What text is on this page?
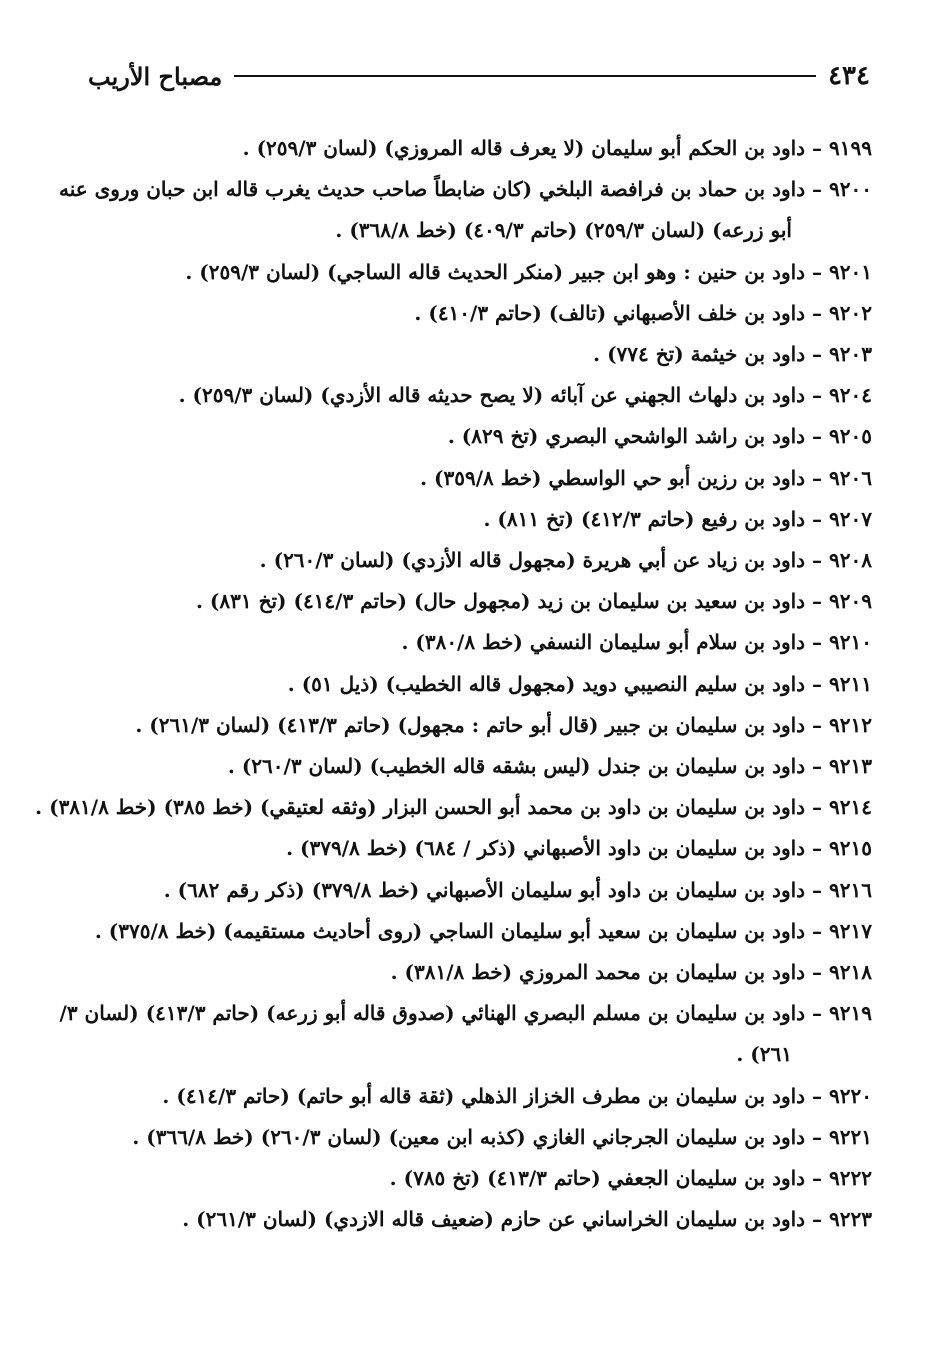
٤٣٤
مصباح الأريب
٩١٩٩ – داود بن الحكم أبو سليمان (لا يعرف قاله المروزي) (لسان ٢٥٩/٣) .
٩٢٠٠ – داود بن حماد بن فرافصة البلخي (كان ضابطاً صاحب حديث يغرب قاله ابن حبان وروى عنه
أبو زرعه) (لسان ٢٥٩/٣) (حاتم ٤٠٩/٣) (خط ٣٦٨/٨) .
٩٢٠١ – داود بن حنين : وهو ابن جبير (منكر الحديث قاله الساجي) (لسان ٢٥٩/٣) .
٩٢٠٢ – داود بن خلف الأصبهاني (تالف) (حاتم ٤١٠/٣) .
٩٢٠٣ – داود بن خيثمة (تخ ٧٧٤) .
٩٢٠٤ – داود بن دلهاث الجهني عن آبائه (لا يصح حديثه قاله الأزدي) (لسان ٢٥٩/٣) .
٩٢٠٥ – داود بن راشد الواشحي البصري (تخ ٨٢٩) .
٩٢٠٦ – داود بن رزين أبو حي الواسطي (خط ٣٥٩/٨) .
٩٢٠٧ – داود بن رفيع (حاتم ٤١٢/٣) (تخ ٨١١) .
٩٢٠٨ – داود بن زياد عن أبي هريرة (مجهول قاله الأزدي) (لسان ٢٦٠/٣) .
٩٢٠٩ – داود بن سعيد بن سليمان بن زيد (مجهول حال) (حاتم ٤١٤/٣) (تخ ٨٣١) .
٩٢١٠ – داود بن سلام أبو سليمان النسفي (خط ٣٨٠/٨) .
٩٢١١ – داود بن سليم النصيبي دويد (مجهول قاله الخطيب) (ذيل ٥١) .
٩٢١٢ – داود بن سليمان بن جبير (قال أبو حاتم : مجهول) (حاتم ٤١٣/٣) (لسان ٢٦١/٣) .
٩٢١٣ – داود بن سليمان بن جندل (ليس بشقه قاله الخطيب) (لسان ٢٦٠/٣) .
٩٢١٤ – داود بن سليمان بن داود بن محمد أبو الحسن البزار (وثقه لعتيقي) (خط ٣٨٥) (خط ٣٨١/٨) .
٩٢١٥ – داود بن سليمان بن داود الأصبهاني (ذكر / ٦٨٤) (خط ٣٧٩/٨) .
٩٢١٦ – داود بن سليمان بن داود أبو سليمان الأصبهاني (خط ٣٧٩/٨) (ذكر رقم ٦٨٢) .
٩٢١٧ – داود بن سليمان بن سعيد أبو سليمان الساجي (روى أحاديث مستقيمه) (خط ٣٧٥/٨) .
٩٢١٨ – داود بن سليمان بن محمد المروزي (خط ٣٨١/٨) .
٩٢١٩ – داود بن سليمان بن مسلم البصري الهنائي (صدوق قاله أبو زرعه) (حاتم ٤١٣/٣) (لسان ٣/
٢٦١) .
٩٢٢٠ – داود بن سليمان بن مطرف الخزاز الذهلي (ثقة قاله أبو حاتم) (حاتم ٤١٤/٣) .
٩٢٢١ – داود بن سليمان الجرجاني الغازي (كذبه ابن معين) (لسان ٢٦٠/٣) (خط ٣٦٦/٨) .
٩٢٢٢ – داود بن سليمان الجعفي (حاتم ٤١٣/٣) (تخ ٧٨٥) .
٩٢٢٣ – داود بن سليمان الخراساني عن حازم (ضعيف قاله الازدي) (لسان ٢٦١/٣) .
